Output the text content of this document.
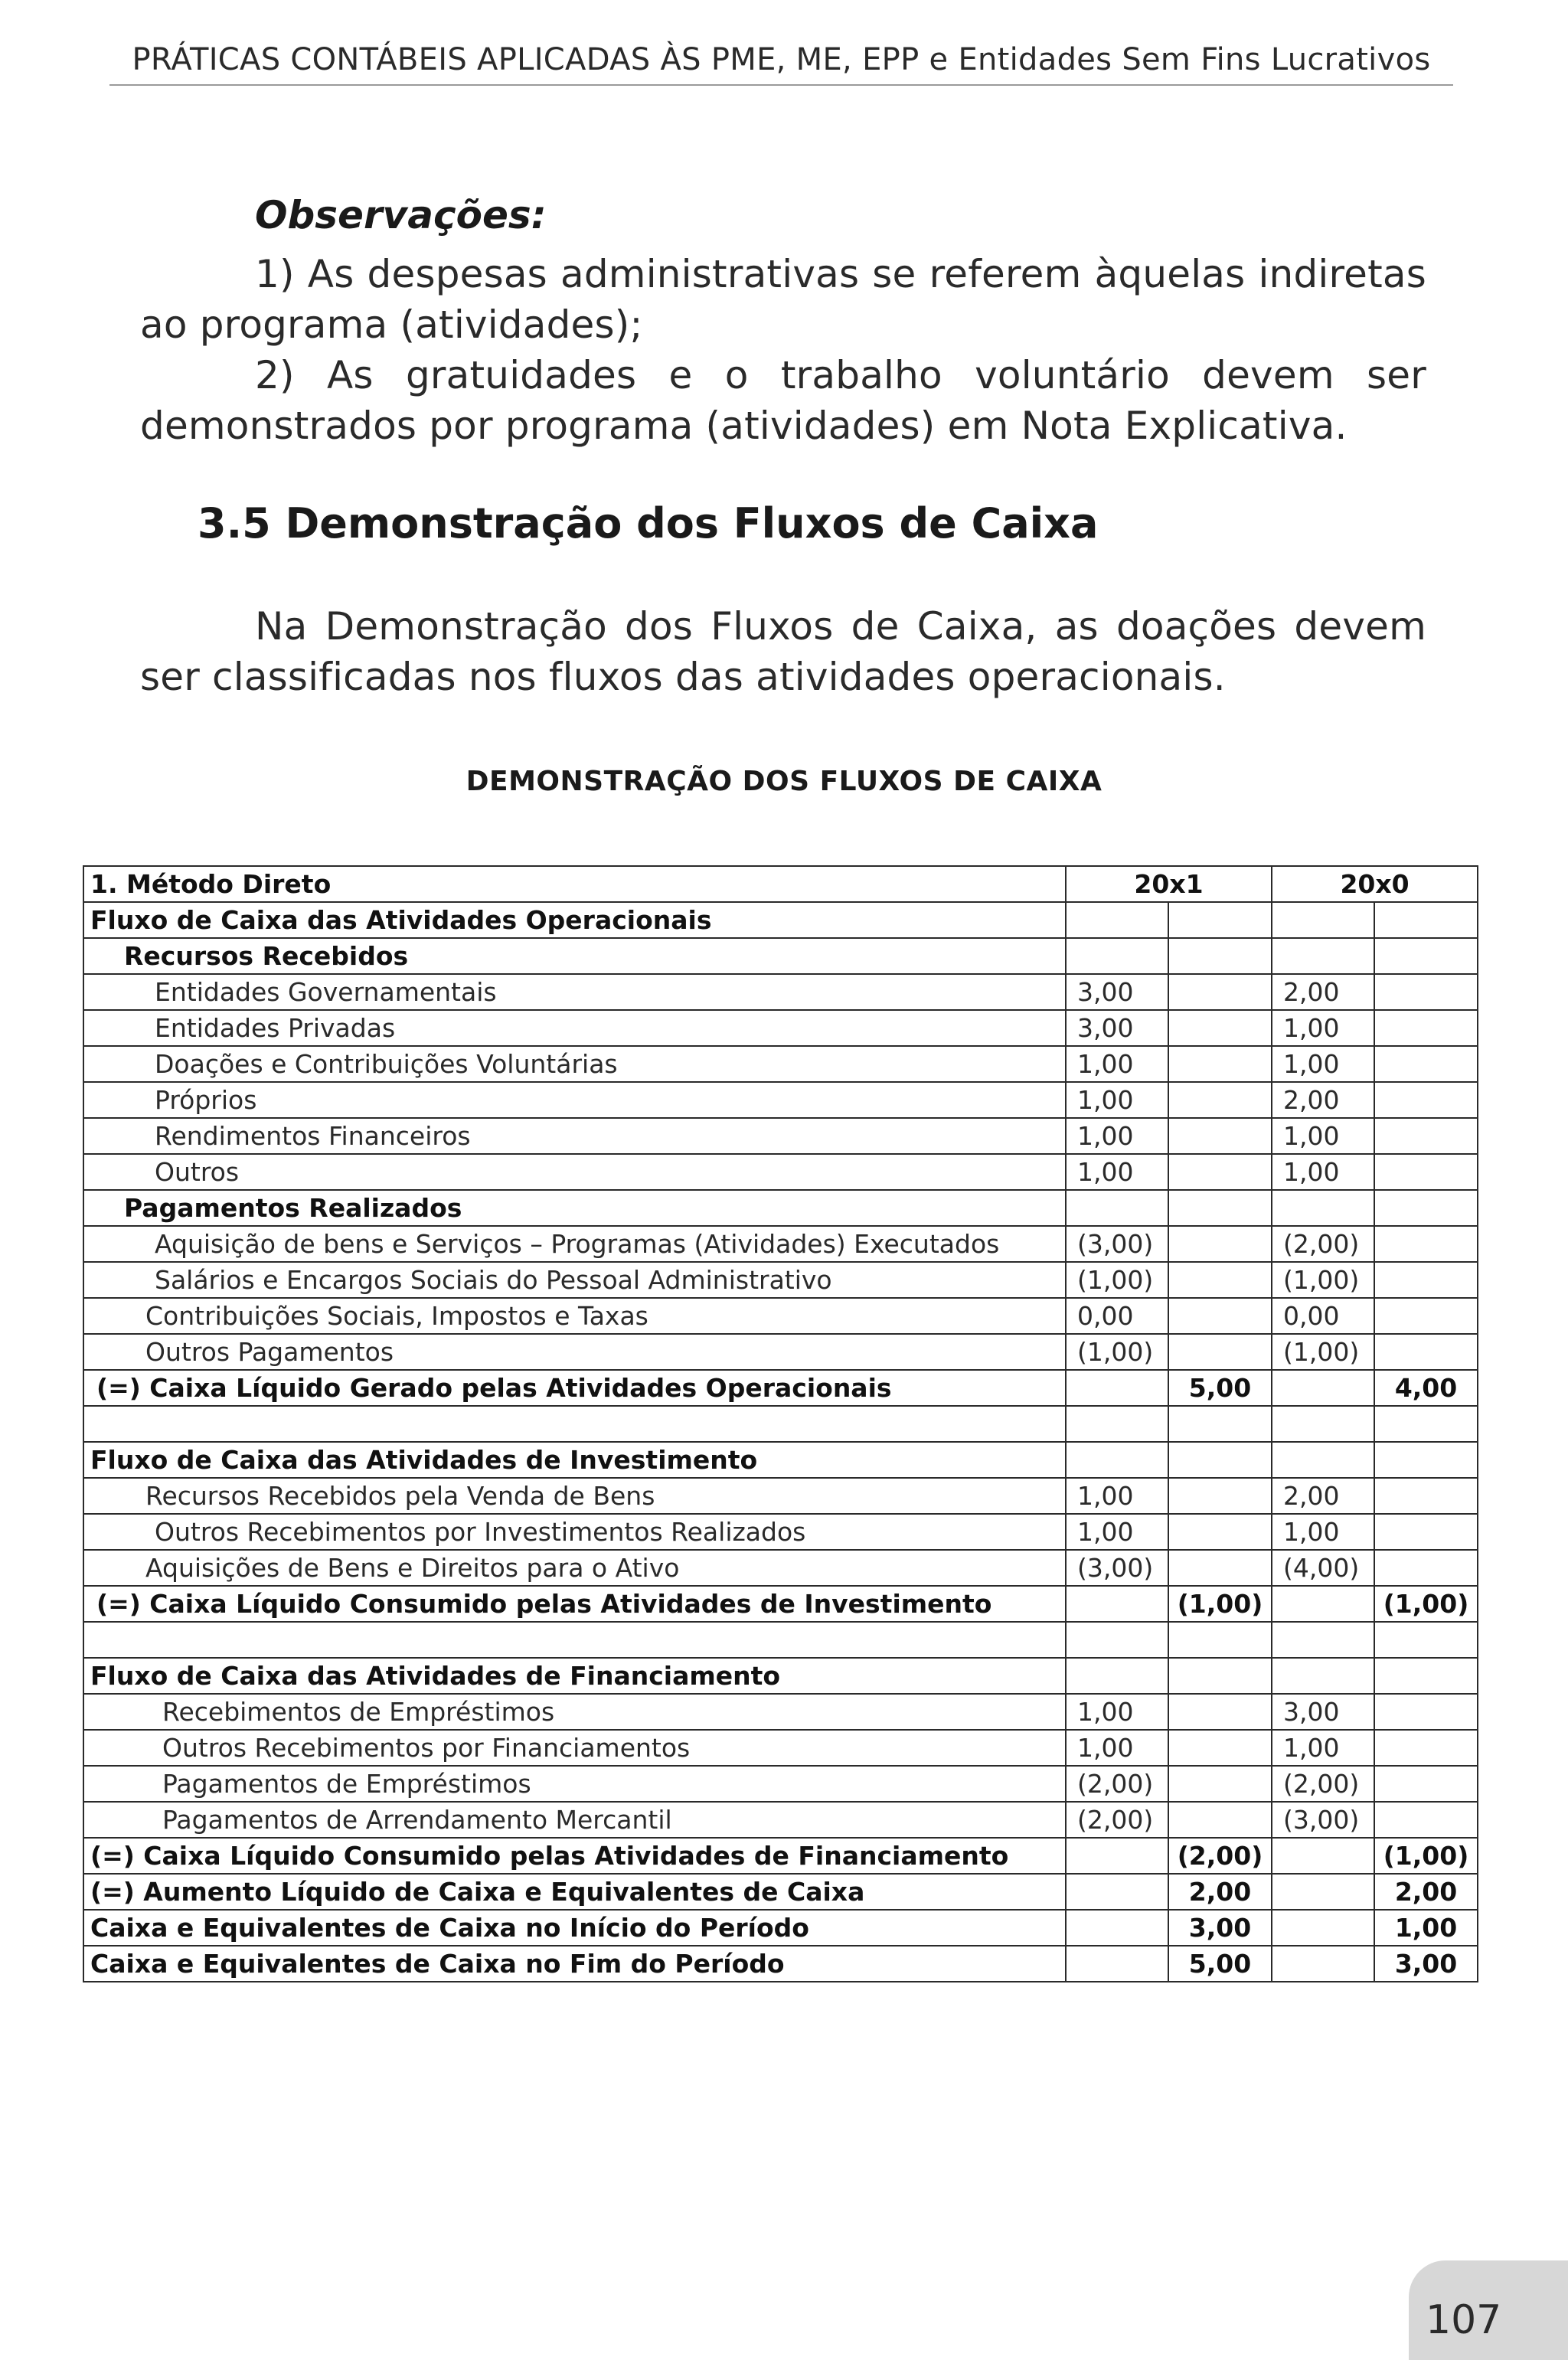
PRÁTICAS CONTÁBEIS APLICADAS ÀS PME, ME, EPP e Entidades Sem Fins Lucrativos
Observações:
1) As despesas administrativas se referem àquelas indiretas ao programa (atividades);
2) As gratuidades e o trabalho voluntário devem ser demonstrados por programa (atividades) em Nota Explicativa.
3.5 Demonstração dos Fluxos de Caixa
Na Demonstração dos Fluxos de Caixa, as doações devem ser classificadas nos fluxos das atividades operacionais.
DEMONSTRAÇÃO DOS FLUXOS DE CAIXA
1. Método Direto	20x1		20x0	
Fluxo de Caixa das Atividades Operacionais				
Recursos Recebidos				
Entidades Governamentais	3,00		2,00	
Entidades Privadas	3,00		1,00	
Doações e Contribuições Voluntárias	1,00		1,00	
Próprios	1,00		2,00	
Rendimentos Financeiros	1,00		1,00	
Outros	1,00		1,00	
Pagamentos Realizados				
Aquisição de bens e Serviços – Programas (Atividades) Executados	(3,00)		(2,00)	
Salários e Encargos Sociais do Pessoal Administrativo	(1,00)		(1,00)	
Contribuições Sociais, Impostos e Taxas	0,00		0,00	
Outros Pagamentos	(1,00)		(1,00)	
(=) Caixa Líquido Gerado pelas Atividades Operacionais		5,00		4,00

Fluxo de Caixa das Atividades de Investimento				
Recursos Recebidos pela Venda de Bens	1,00		2,00	
Outros Recebimentos por Investimentos Realizados	1,00		1,00	
Aquisições de Bens e Direitos para o Ativo	(3,00)		(4,00)	
(=) Caixa Líquido Consumido pelas Atividades de Investimento		(1,00)		(1,00)

Fluxo de Caixa das Atividades de Financiamento				
Recebimentos de Empréstimos	1,00		3,00	
Outros Recebimentos por Financiamentos	1,00		1,00	
Pagamentos de Empréstimos	(2,00)		(2,00)	
Pagamentos de Arrendamento Mercantil	(2,00)		(3,00)	
(=) Caixa Líquido Consumido pelas Atividades de Financiamento		(2,00)		(1,00)
(=) Aumento Líquido de Caixa e Equivalentes de Caixa		2,00		2,00
Caixa e Equivalentes de Caixa no Início do Período		3,00		1,00
Caixa e Equivalentes de Caixa no Fim do Período		5,00		3,00
107
